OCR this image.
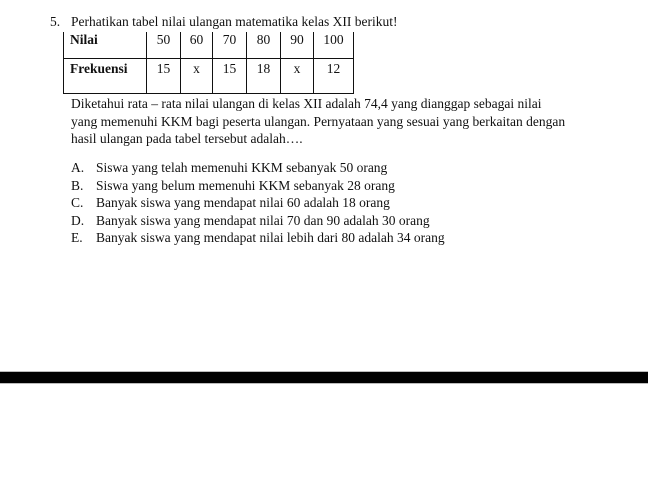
5. Perhatikan tabel nilai ulangan matematika kelas XII berikut!
Nilai	50	60	70	80	90	100
Frekuensi	15	x	15	18	x	12
Diketahui rata – rata nilai ulangan di kelas XII adalah 74,4 yang dianggap sebagai nilai yang memenuhi KKM bagi peserta ulangan. Pernyataan yang sesuai yang berkaitan dengan hasil ulangan pada tabel tersebut adalah….
A. Siswa yang telah memenuhi KKM sebanyak 50 orang
B. Siswa yang belum memenuhi KKM sebanyak 28 orang
C. Banyak siswa yang mendapat nilai 60 adalah 18 orang
D. Banyak siswa yang mendapat nilai 70 dan 90 adalah 30 orang
E. Banyak siswa yang mendapat nilai lebih dari 80 adalah 34 orang
